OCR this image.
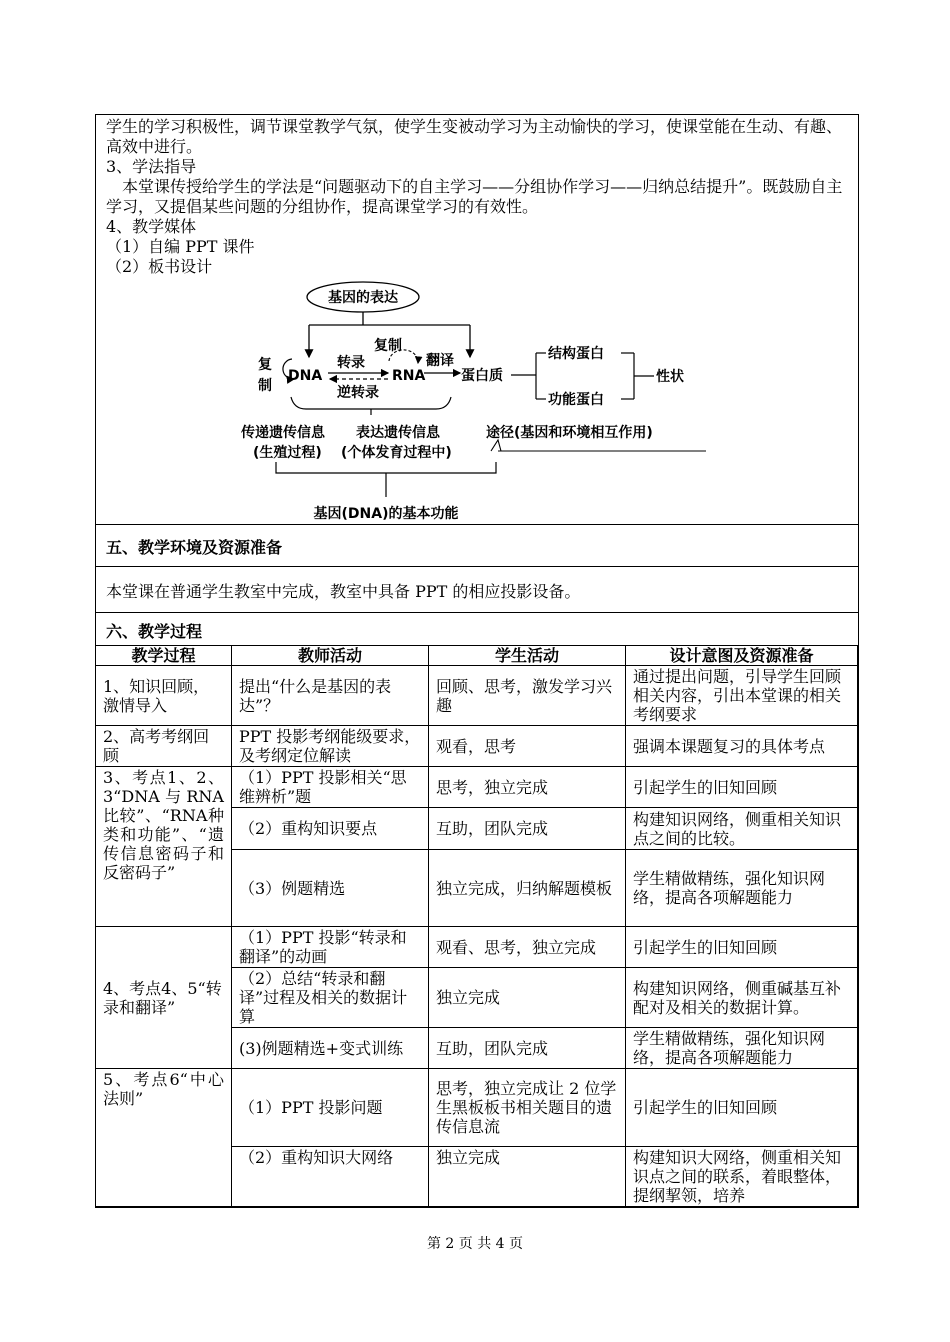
学生的学习积极性，调节课堂教学气氛，使学生变被动学习为主动愉快的学习，使课堂能在生动、有趣、高效中进行。

3、学法指导

本堂课传授给学生的学法是“问题驱动下的自主学习——分组协作学习——归纳总结提升”。既鼓励自主学习，又提倡某些问题的分组协作，提高课堂学习的有效性。

4、教学媒体

（1）自编 PPT 课件

（2）板书设计

基因的表达
复
制
DNA
转录
逆转录
复制
RNA
翻译
蛋白质
结构蛋白
功能蛋白
性状
传递遗传信息
(生殖过程)
表达遗传信息
(个体发育过程中)
途径(基因和环境相互作用)
基因(DNA)的基本功能
五、教学环境及资源准备
本堂课在普通学生教室中完成，教室中具备 PPT 的相应投影设备。
六、教学过程
教学过程	教师活动	学生活动	设计意图及资源准备
1、知识回顾，激情导入	提出“什么是基因的表达”？	回顾、思考，激发学习兴趣	通过提出问题，引导学生回顾相关内容，引出本堂课的相关考纲要求
2、高考考纲回顾	PPT 投影考纲能级要求，及考纲定位解读	观看，思考	强调本课题复习的具体考点
3、考点1、2、3“DNA与RNA比较”、“RNA种类和功能”、“遗传信息密码子和反密码子”	（1）PPT 投影相关“思维辨析”题	思考，独立完成	引起学生的旧知回顾
	（2）重构知识要点	互助，团队完成	构建知识网络，侧重相关知识点之间的比较。
	（3）例题精选	独立完成，归纳解题模板	学生精做精练，强化知识网络，提高各项解题能力
4、考点4、5“转录和翻译”	（1）PPT 投影“转录和翻译”的动画	观看、思考，独立完成	引起学生的旧知回顾
	（2）总结“转录和翻译”过程及相关的数据计算	独立完成	构建知识网络，侧重碱基互补配对及相关的数据计算。
	(3)例题精选+变式训练	互助，团队完成	学生精做精练，强化知识网络，提高各项解题能力
5、考点6“中心法则”	（1）PPT 投影问题	思考，独立完成让 2 位学生黑板板书相关题目的遗传信息流	引起学生的旧知回顾
	（2）重构知识大网络	独立完成	构建知识大网络，侧重相关知识点之间的联系，着眼整体，提纲挈领，培养
第 2 页 共 4 页
